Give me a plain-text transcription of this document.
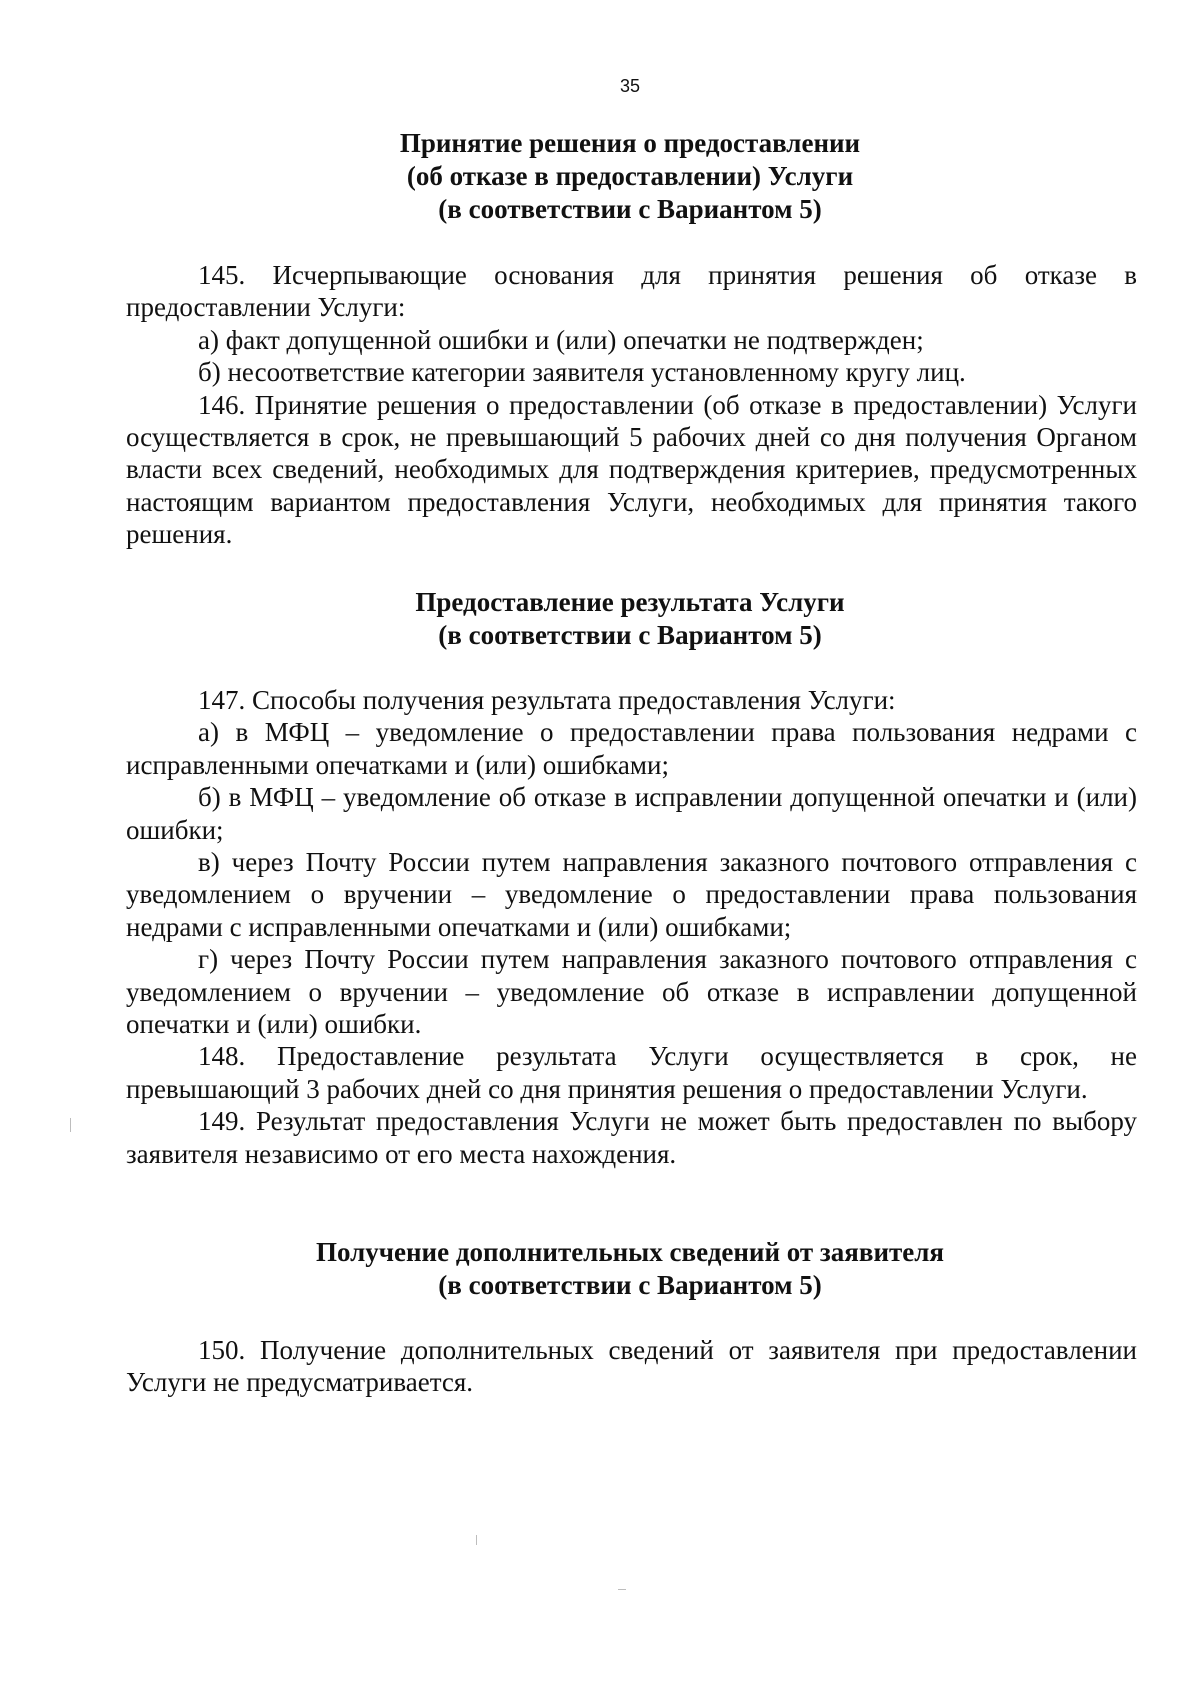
35
Принятие решения о предоставлении
(об отказе в предоставлении) Услуги
(в соответствии с Вариантом 5)

145. Исчерпывающие основания для принятия решения об отказе в предоставлении Услуги:

а) факт допущенной ошибки и (или) опечатки не подтвержден;

б) несоответствие категории заявителя установленному кругу лиц.

146. Принятие решения о предоставлении (об отказе в предоставлении) Услуги осуществляется в срок, не превышающий 5 рабочих дней со дня получения Органом власти всех сведений, необходимых для подтверждения критериев, предусмотренных настоящим вариантом предоставления Услуги, необходимых для принятия такого решения.

Предоставление результата Услуги
(в соответствии с Вариантом 5)

147. Способы получения результата предоставления Услуги:

а) в МФЦ – уведомление о предоставлении права пользования недрами с исправленными опечатками и (или) ошибками;

б) в МФЦ – уведомление об отказе в исправлении допущенной опечатки и (или) ошибки;

в) через Почту России путем направления заказного почтового отправления с уведомлением о вручении – уведомление о предоставлении права пользования недрами с исправленными опечатками и (или) ошибками;

г) через Почту России путем направления заказного почтового отправления с уведомлением о вручении – уведомление об отказе в исправлении допущенной опечатки и (или) ошибки.

148. Предоставление результата Услуги осуществляется в срок, не превышающий 3 рабочих дней со дня принятия решения о предоставлении Услуги.

149. Результат предоставления Услуги не может быть предоставлен по выбору заявителя независимо от его места нахождения.

Получение дополнительных сведений от заявителя
(в соответствии с Вариантом 5)

150. Получение дополнительных сведений от заявителя при предоставлении Услуги не предусматривается.
